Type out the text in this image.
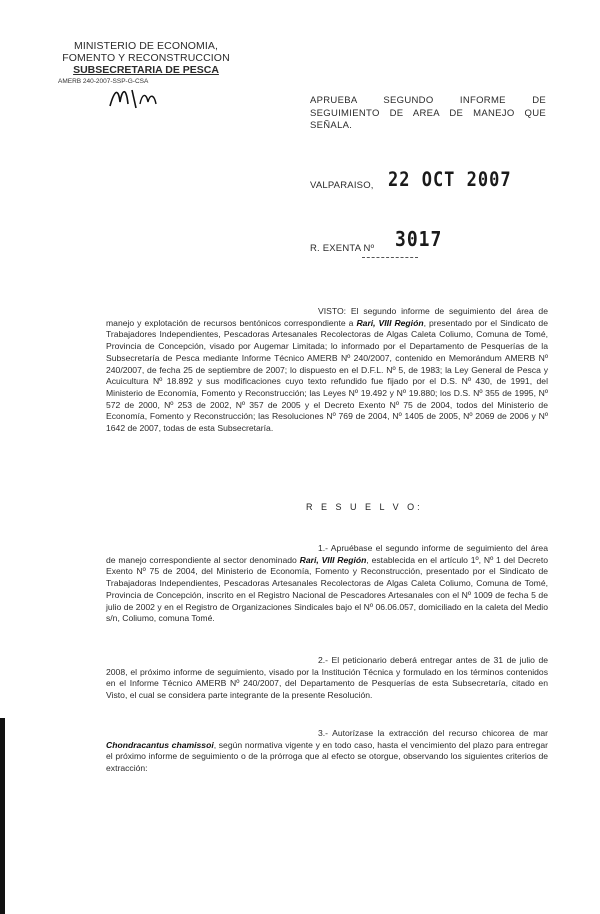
MINISTERIO DE ECONOMIA,
FOMENTO Y RECONSTRUCCION
SUBSECRETARIA DE PESCA
AMERB 240-2007-SSP-G-CSA
APRUEBA SEGUNDO INFORME DE SEGUIMIENTO DE AREA DE MANEJO QUE SEÑALA.
VALPARAISO, 22 OCT 2007
R. EXENTA Nº 3017
VISTO: El segundo informe de seguimiento del área de manejo y explotación de recursos bentónicos correspondiente a Rari, VIII Región, presentado por el Sindicato de Trabajadores Independientes, Pescadoras Artesanales Recolectoras de Algas Caleta Coliumo, Comuna de Tomé, Provincia de Concepción, visado por Augemar Limitada; lo informado por el Departamento de Pesquerías de la Subsecretaría de Pesca mediante Informe Técnico AMERB Nº 240/2007, contenido en Memorándum AMERB Nº 240/2007, de fecha 25 de septiembre de 2007; lo dispuesto en el D.F.L. Nº 5, de 1983; la Ley General de Pesca y Acuicultura Nº 18.892 y sus modificaciones cuyo texto refundido fue fijado por el D.S. Nº 430, de 1991, del Ministerio de Economía, Fomento y Reconstrucción; las Leyes Nº 19.492 y Nº 19.880; los D.S. Nº 355 de 1995, Nº 572 de 2000, Nº 253 de 2002, Nº 357 de 2005 y el Decreto Exento Nº 75 de 2004, todos del Ministerio de Economía, Fomento y Reconstrucción; las Resoluciones Nº 769 de 2004, Nº 1405 de 2005, Nº 2069 de 2006 y Nº 1642 de 2007, todas de esta Subsecretaría.
R E S U E L V O:
1.- Apruébase el segundo informe de seguimiento del área de manejo correspondiente al sector denominado Rari, VIII Región, establecida en el artículo 1º, Nº 1 del Decreto Exento Nº 75 de 2004, del Ministerio de Economía, Fomento y Reconstrucción, presentado por el Sindicato de Trabajadoras Independientes, Pescadoras Artesanales Recolectoras de Algas Caleta Coliumo, Comuna de Tomé, Provincia de Concepción, inscrito en el Registro Nacional de Pescadores Artesanales con el Nº 1009 de fecha 5 de julio de 2002 y en el Registro de Organizaciones Sindicales bajo el Nº 06.06.057, domiciliado en la caleta del Medio s/n, Coliumo, comuna Tomé.
2.- El peticionario deberá entregar antes de 31 de julio de 2008, el próximo informe de seguimiento, visado por la Institución Técnica y formulado en los términos contenidos en el Informe Técnico AMERB Nº 240/2007, del Departamento de Pesquerías de esta Subsecretaría, citado en Visto, el cual se considera parte integrante de la presente Resolución.
3.- Autorízase la extracción del recurso chicorea de mar Chondracantus chamissoi, según normativa vigente y en todo caso, hasta el vencimiento del plazo para entregar el próximo informe de seguimiento o de la prórroga que al efecto se otorgue, observando los siguientes criterios de extracción:
